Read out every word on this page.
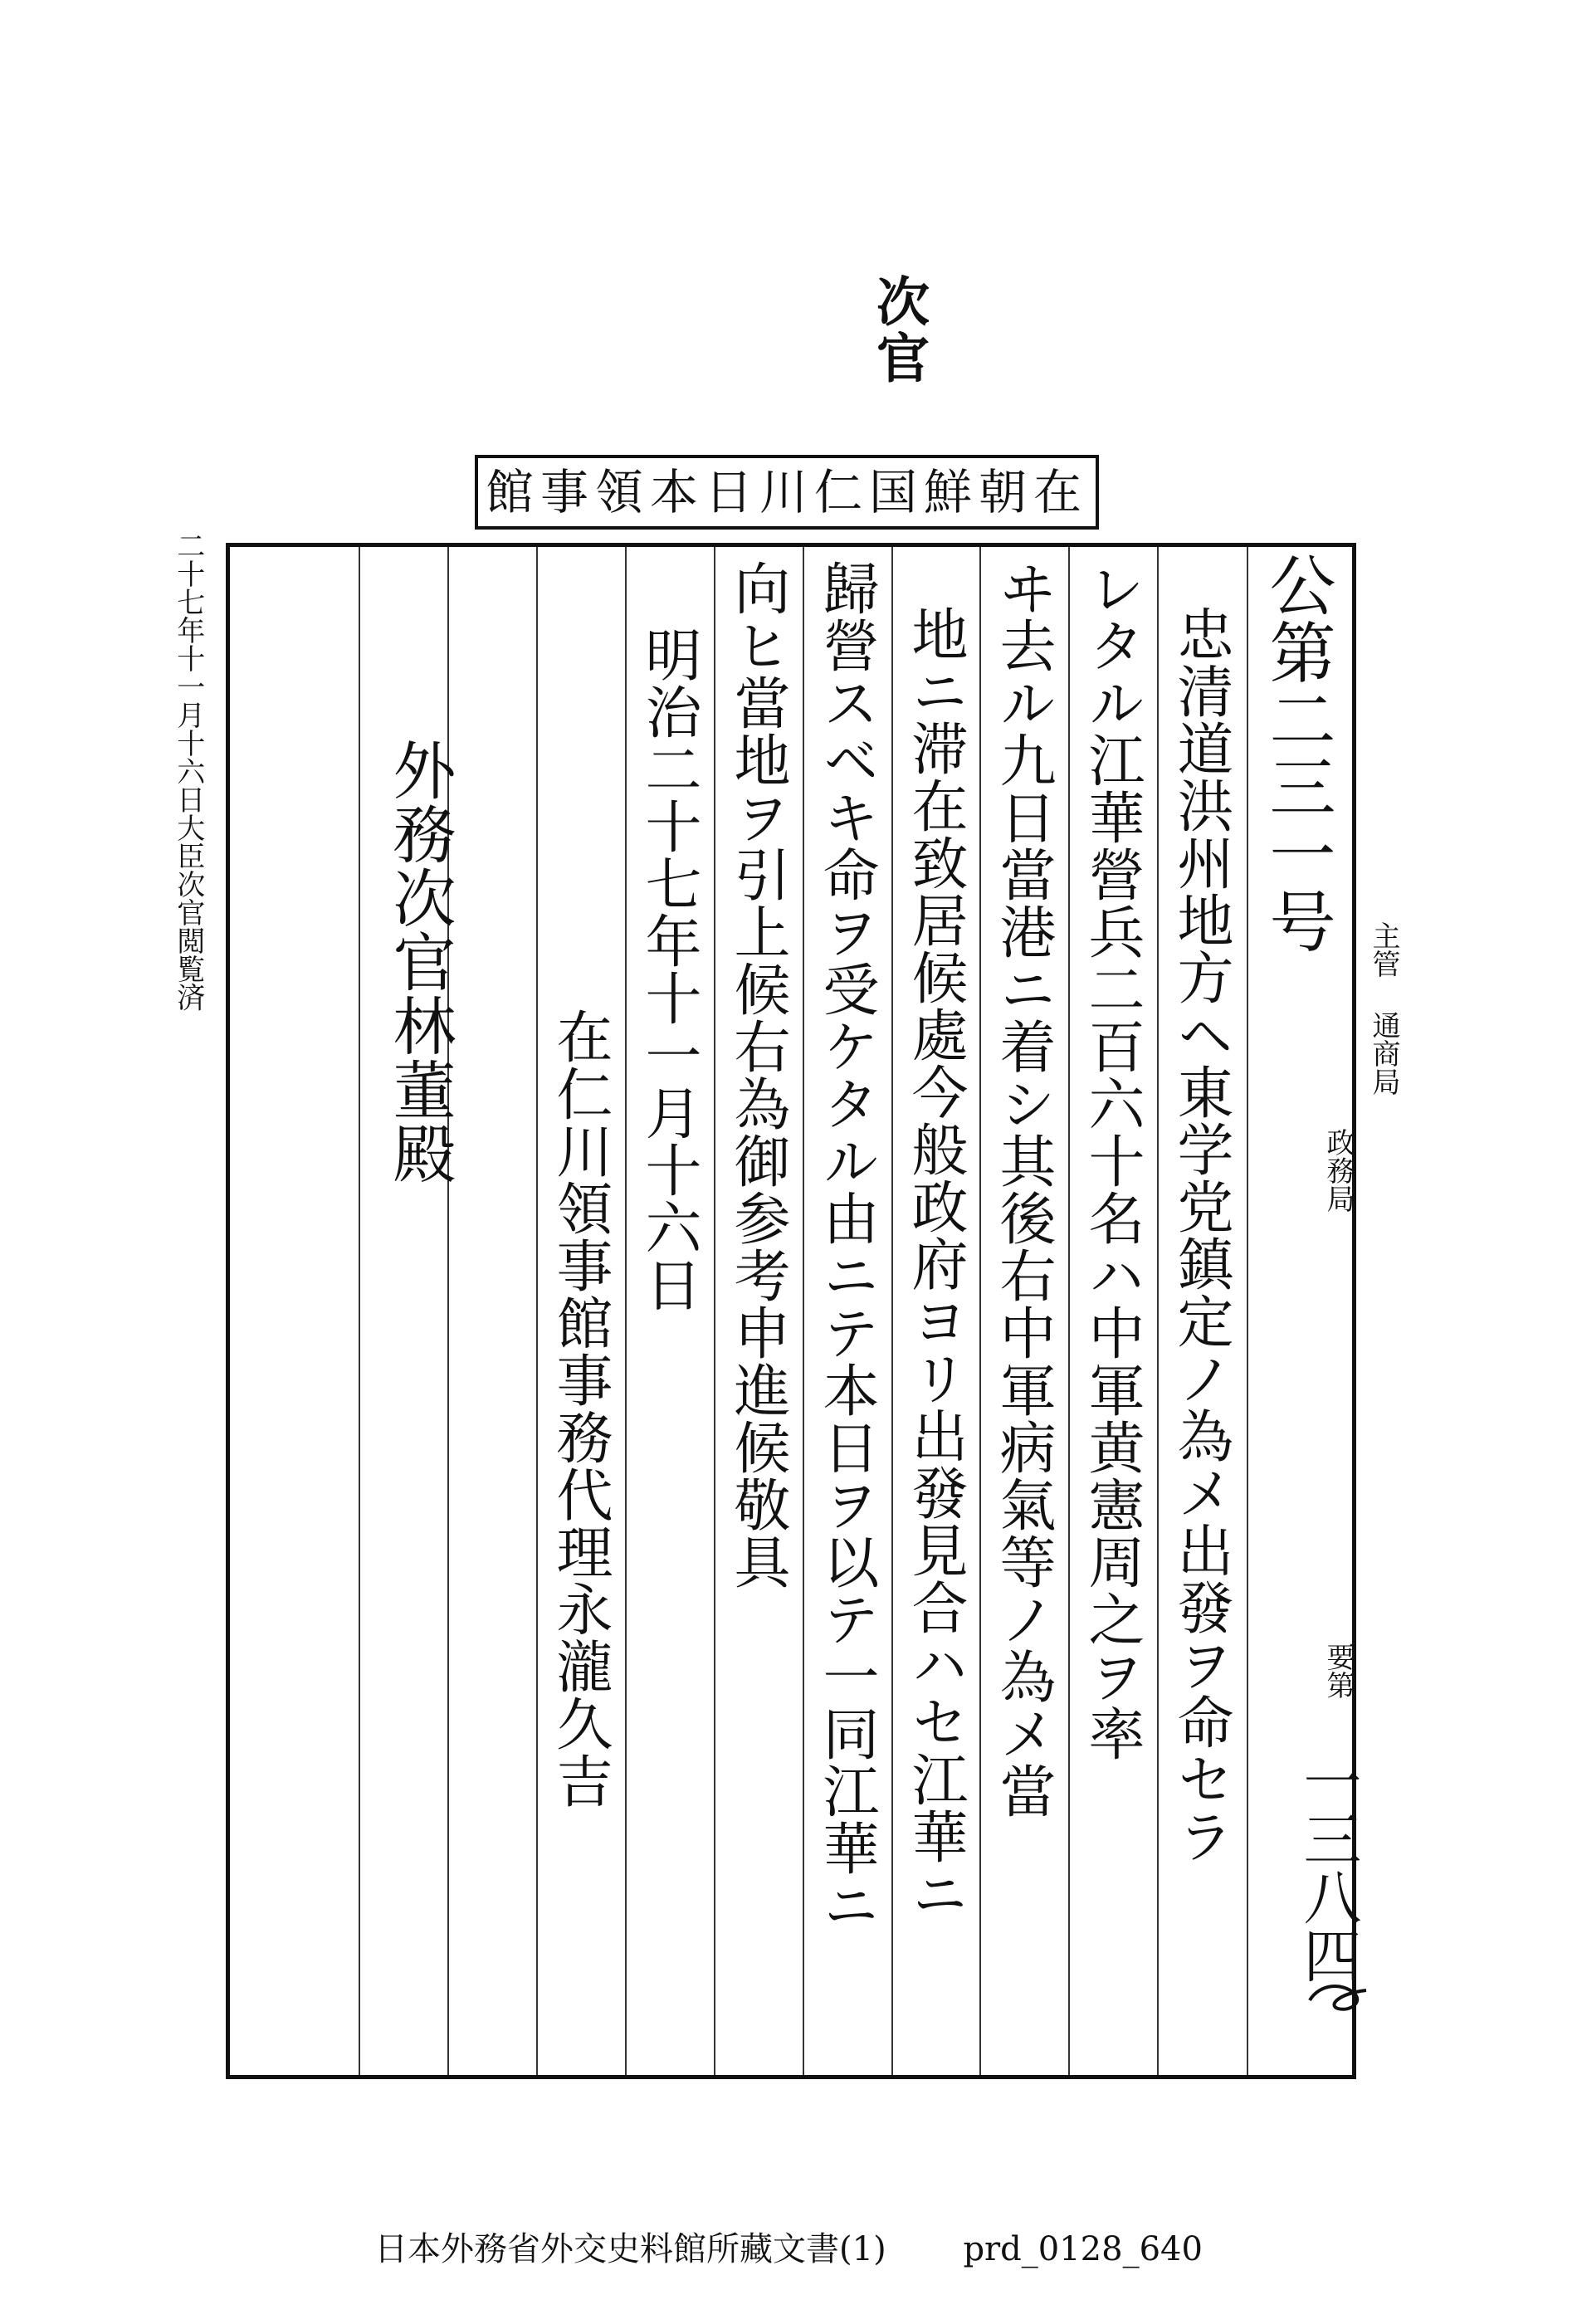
次官
在朝鮮国仁川日本領事館
二十七年十一月十六日大臣次官閲覧済	公第二三一号
忠清道洪州地方ヘ東学党鎮定ノ為メ出發ヲ命セラ
レタル江華營兵二百六十名ハ中軍黄憲周之ヲ率
ヰ去ル九日當港ニ着シ其後右中軍病氣等ノ為メ當
地ニ滞在致居候處今般政府ヨリ出發見合ハセ江華ニ
歸營スベキ命ヲ受ケタル由ニテ本日ヲ以テ一同江華ニ
向ヒ當地ヲ引上候右為御参考申進候敬具
明治二十七年十一月十六日
在仁川領事館事務代理永瀧久吉
外務次官林董殿	政務局
要第
主管 通商局
一三八四
日本外務省外交史料館所藏文書(1) prd_0128_640
